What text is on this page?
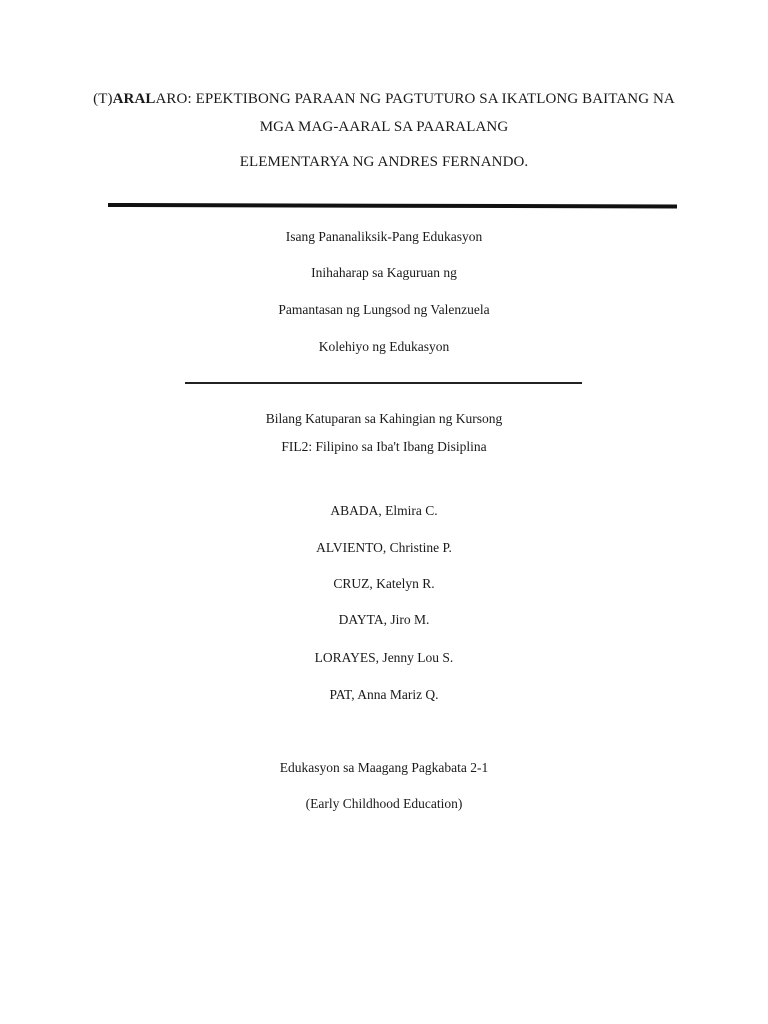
(T)ARALARO: EPEKTIBONG PARAAN NG PAGTUTURO SA IKATLONG BAITANG NA
MGA MAG-AARAL SA PAARALANG
ELEMENTARYA NG ANDRES FERNANDO.
Isang Pananaliksik-Pang Edukasyon
Inihaharap sa Kaguruan ng
Pamantasan ng Lungsod ng Valenzuela
Kolehiyo ng Edukasyon
Bilang Katuparan sa Kahingian ng Kursong
FIL2: Filipino sa Iba't Ibang Disiplina
ABADA, Elmira C.
ALVIENTO, Christine P.
CRUZ, Katelyn R.
DAYTA, Jiro M.
LORAYES, Jenny Lou S.
PAT, Anna Mariz Q.
Edukasyon sa Maagang Pagkabata 2-1
(Early Childhood Education)
